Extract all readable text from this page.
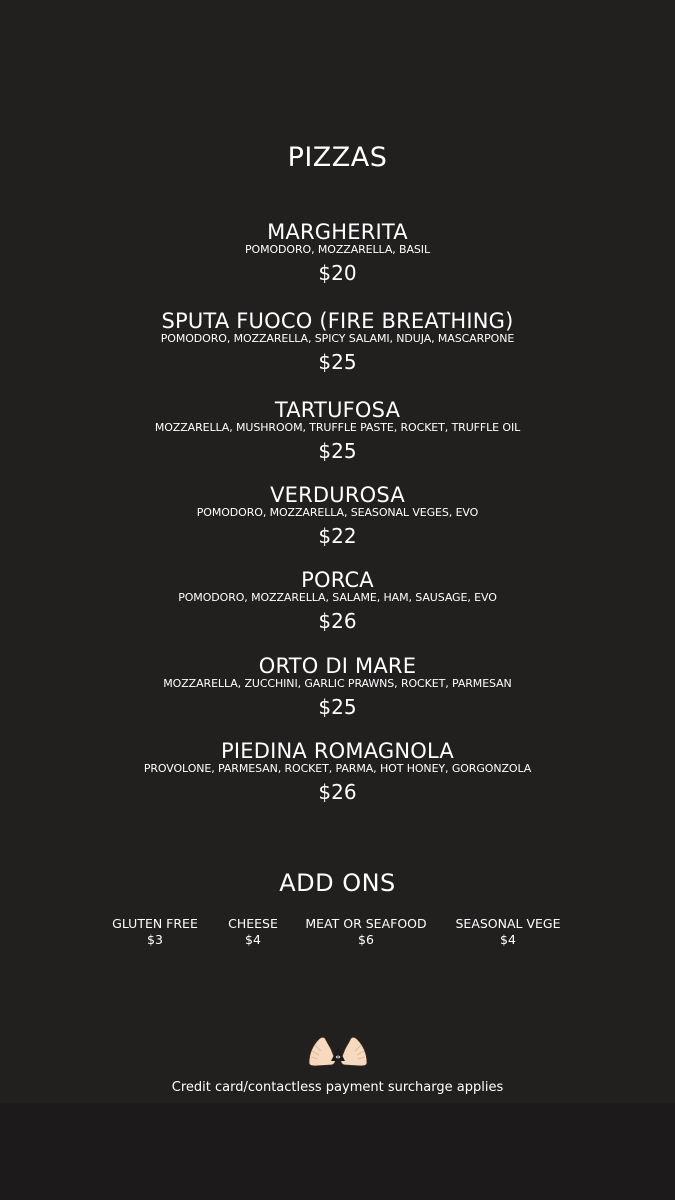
PIZZAS
MARGHERITA
POMODORO, MOZZARELLA, BASIL
$20
SPUTA FUOCO (FIRE BREATHING)
POMODORO, MOZZARELLA, SPICY SALAMI, NDUJA, MASCARPONE
$25
TARTUFOSA
MOZZARELLA, MUSHROOM, TRUFFLE PASTE, ROCKET, TRUFFLE OIL
$25
VERDUROSA
POMODORO, MOZZARELLA, SEASONAL VEGES, EVO
$22
PORCA
POMODORO, MOZZARELLA, SALAME, HAM, SAUSAGE, EVO
$26
ORTO DI MARE
MOZZARELLA, ZUCCHINI, GARLIC PRAWNS, ROCKET, PARMESAN
$25
PIEDINA ROMAGNOLA
PROVOLONE, PARMESAN, ROCKET, PARMA, HOT HONEY, GORGONZOLA
$26
ADD ONS
GLUTEN FREE
$3
CHEESE
$4
MEAT OR SEAFOOD
$6
SEASONAL VEGE
$4
Credit card/contactless payment surcharge applies
